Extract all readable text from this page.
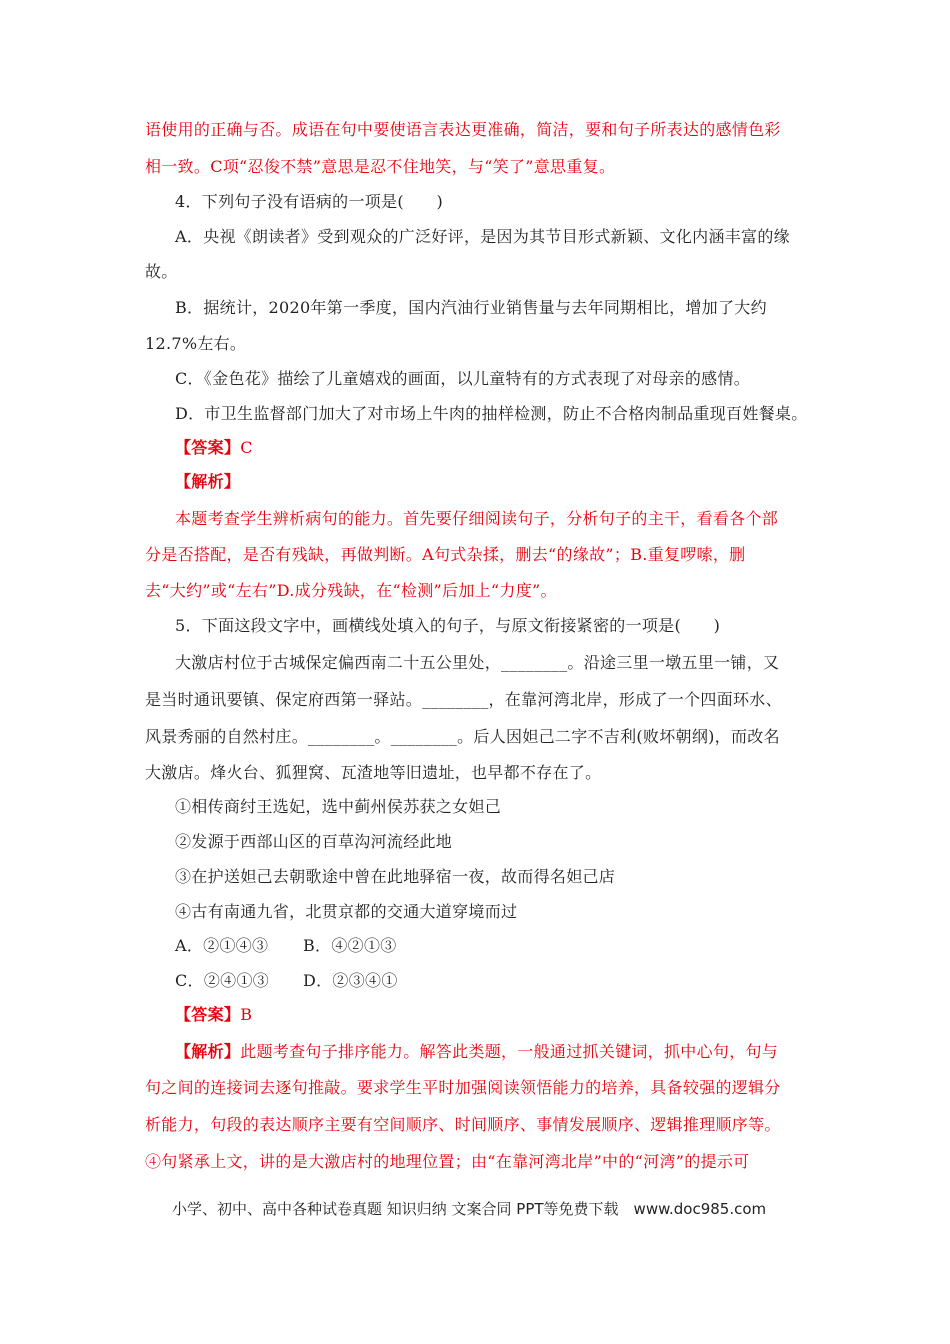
语使用的正确与否。成语在句中要使语言表达更准确，简洁，要和句子所表达的感情色彩
相一致。C项“忍俊不禁”意思是忍不住地笑，与“笑了”意思重复。
4．下列句子没有语病的一项是(　　)
A．央视《朗读者》受到观众的广泛好评，是因为其节目形式新颖、文化内涵丰富的缘
故。
B．据统计，2020年第一季度，国内汽油行业销售量与去年同期相比，增加了大约
12.7%左右。
C．《金色花》描绘了儿童嬉戏的画面，以儿童特有的方式表现了对母亲的感情。
D．市卫生监督部门加大了对市场上牛肉的抽样检测，防止不合格肉制品重现百姓餐桌。
【答案】C
【解析】
本题考查学生辨析病句的能力。首先要仔细阅读句子，分析句子的主干，看看各个部
分是否搭配，是否有残缺，再做判断。A句式杂揉，删去“的缘故”；B.重复啰嗦，删
去“大约”或“左右”D.成分残缺，在“检测”后加上“力度”。
5．下面这段文字中，画横线处填入的句子，与原文衔接紧密的一项是(　　)
大激店村位于古城保定偏西南二十五公里处，________。沿途三里一墩五里一铺，又
是当时通讯要镇、保定府西第一驿站。________，在靠河湾北岸，形成了一个四面环水、
风景秀丽的自然村庄。________。________。后人因妲己二字不吉利(败坏朝纲)，而改名
大激店。烽火台、狐狸窝、瓦渣地等旧遗址，也早都不存在了。
①相传商纣王选妃，选中蓟州侯苏获之女妲己
②发源于西部山区的百草沟河流经此地
③在护送妲己去朝歌途中曾在此地驿宿一夜，故而得名妲己店
④古有南通九省，北贯京都的交通大道穿境而过
A．②①④③ B．④②①③
C．②④①③ D．②③④①
【答案】B
【解析】此题考查句子排序能力。解答此类题，一般通过抓关键词，抓中心句，句与
句之间的连接词去逐句推敲。要求学生平时加强阅读领悟能力的培养，具备较强的逻辑分
析能力，句段的表达顺序主要有空间顺序、时间顺序、事情发展顺序、逻辑推理顺序等。
④句紧承上文，讲的是大激店村的地理位置；由“在靠河湾北岸”中的“河湾”的提示可
小学、初中、高中各种试卷真题 知识归纳 文案合同 PPT等免费下载　www.doc985.com
